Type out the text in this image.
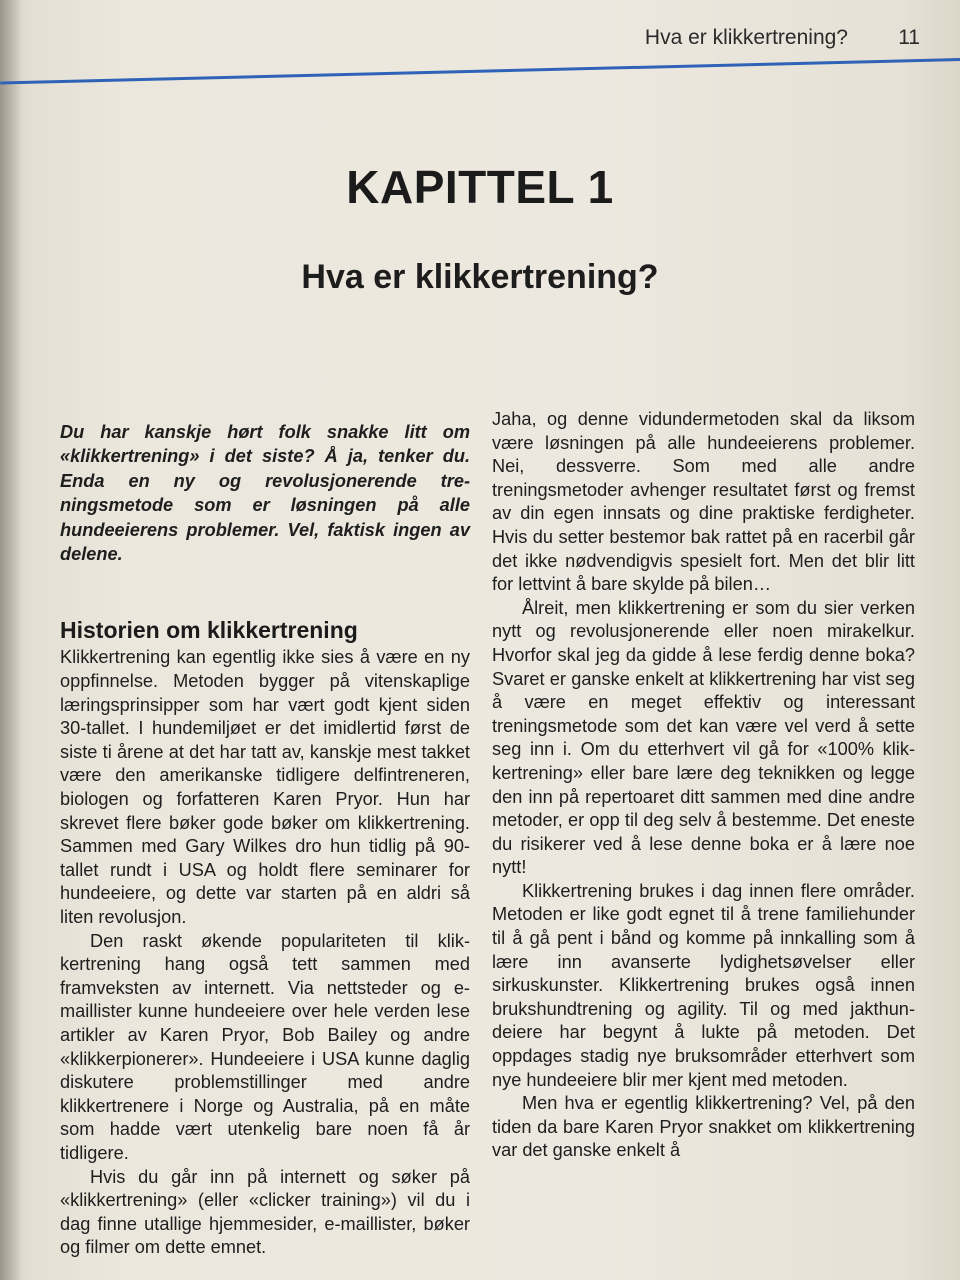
Hva er klikkertrening? 11
KAPITTEL 1
Hva er klikkertrening?

Du har kanskje hørt folk snakke litt om «klikkertrening» i det siste? Å ja, tenker du. Enda en ny og revolusjonerende treningsmetode som er løsningen på alle hundeeierens problemer. Vel, faktisk ingen av delene.

Historien om klikkertrening

Klikkertrening kan egentlig ikke sies å være en ny oppfinnelse. Metoden bygger på vitenskaplige læringsprinsipper som har vært godt kjent siden 30-tallet. I hundemiljøet er det imidlertid først de siste ti årene at det har tatt av, kanskje mest takket være den amerikanske tidligere delfintreneren, biologen og forfatteren Karen Pryor. Hun har skrevet flere bøker gode bøker om klikkertrening. Sammen med Gary Wilkes dro hun tidlig på 90-tallet rundt i USA og holdt flere seminarer for hundeeiere, og dette var starten på en aldri så liten revolusjon.

Den raskt økende populariteten til klikkertrening hang også tett sammen med framveksten av internett. Via nettsteder og e-maillister kunne hundeeiere over hele verden lese artikler av Karen Pryor, Bob Bailey og andre «klikkerpionerer». Hundeeiere i USA kunne daglig diskutere problemstillinger med andre klikkertrenere i Norge og Australia, på en måte som hadde vært utenkelig bare noen få år tidligere.

Hvis du går inn på internett og søker på «klikkertrening» (eller «clicker training») vil du i dag finne utallige hjemmesider, e-maillister, bøker og filmer om dette emnet.

Jaha, og denne vidundermetoden skal da liksom være løsningen på alle hundeeierens problemer. Nei, dessverre. Som med alle andre treningsmetoder avhenger resultatet først og fremst av din egen innsats og dine praktiske ferdigheter. Hvis du setter bestemor bak rattet på en racerbil går det ikke nødvendigvis spesielt fort. Men det blir litt for lettvint å bare skylde på bilen…

Ålreit, men klikkertrening er som du sier verken nytt og revolusjonerende eller noen mirakelkur. Hvorfor skal jeg da gidde å lese ferdig denne boka? Svaret er ganske enkelt at klikkertrening har vist seg å være en meget effektiv og interessant treningsmetode som det kan være vel verd å sette seg inn i. Om du etterhvert vil gå for «100% klikkertrening» eller bare lære deg teknikken og legge den inn på repertoaret ditt sammen med dine andre metoder, er opp til deg selv å bestemme. Det eneste du risikerer ved å lese denne boka er å lære noe nytt!

Klikkertrening brukes i dag innen flere områder. Metoden er like godt egnet til å trene familiehunder til å gå pent i bånd og komme på innkalling som å lære inn avanserte lydighetsøvelser eller sirkuskunster. Klikkertrening brukes også innen brukshundtrening og agility. Til og med jakthundeiere har begynt å lukte på metoden. Det oppdages stadig nye bruksområder etterhvert som nye hundeeiere blir mer kjent med metoden.

Men hva er egentlig klikkertrening? Vel, på den tiden da bare Karen Pryor snakket om klikkertrening var det ganske enkelt å
